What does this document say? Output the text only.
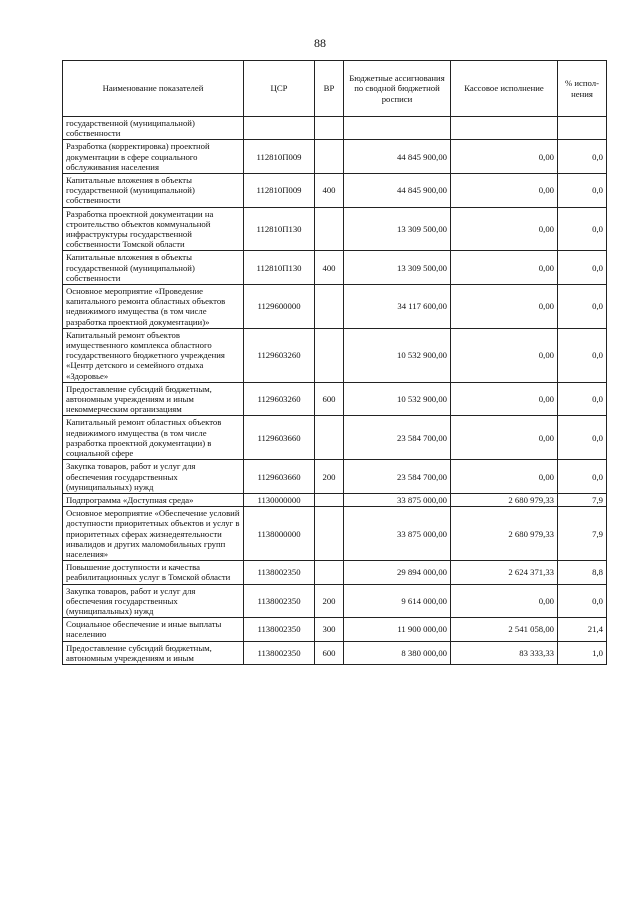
88
Наименование показателей	ЦСР	ВР	Бюджетные ассигнования по сводной бюджетной росписи	Кассовое исполнение	% испол-нения
государственной (муниципальной) собственности					
Разработка (корректировка) проектной документации в сфере социального обслуживания населения	112810П009		44 845 900,00	0,00	0,0
Капитальные вложения в объекты государственной (муниципальной) собственности	112810П009	400	44 845 900,00	0,00	0,0
Разработка проектной документации на строительство объектов коммунальной инфраструктуры государственной собственности Томской области	112810П130		13 309 500,00	0,00	0,0
Капитальные вложения в объекты государственной (муниципальной) собственности	112810П130	400	13 309 500,00	0,00	0,0
Основное мероприятие «Проведение капитального ремонта областных объектов недвижимого имущества (в том числе разработка проектной документации)»	1129600000		34 117 600,00	0,00	0,0
Капитальный ремонт объектов имущественного комплекса областного государственного бюджетного учреждения «Центр детского и семейного отдыха «Здоровье»	1129603260		10 532 900,00	0,00	0,0
Предоставление субсидий бюджетным, автономным учреждениям и иным некоммерческим организациям	1129603260	600	10 532 900,00	0,00	0,0
Капитальный ремонт областных объектов недвижимого имущества (в том числе разработка проектной документации) в социальной сфере	1129603660		23 584 700,00	0,00	0,0
Закупка товаров, работ и услуг для обеспечения государственных (муниципальных) нужд	1129603660	200	23 584 700,00	0,00	0,0
Подпрограмма «Доступная среда»	1130000000		33 875 000,00	2 680 979,33	7,9
Основное мероприятие «Обеспечение условий доступности приоритетных объектов и услуг в приоритетных сферах жизнедеятельности инвалидов и других маломобильных групп населения»	1138000000		33 875 000,00	2 680 979,33	7,9
Повышение доступности и качества реабилитационных услуг в Томской области	1138002350		29 894 000,00	2 624 371,33	8,8
Закупка товаров, работ и услуг для обеспечения государственных (муниципальных) нужд	1138002350	200	9 614 000,00	0,00	0,0
Социальное обеспечение и иные выплаты населению	1138002350	300	11 900 000,00	2 541 058,00	21,4
Предоставление субсидий бюджетным, автономным учреждениям и иным	1138002350	600	8 380 000,00	83 333,33	1,0
